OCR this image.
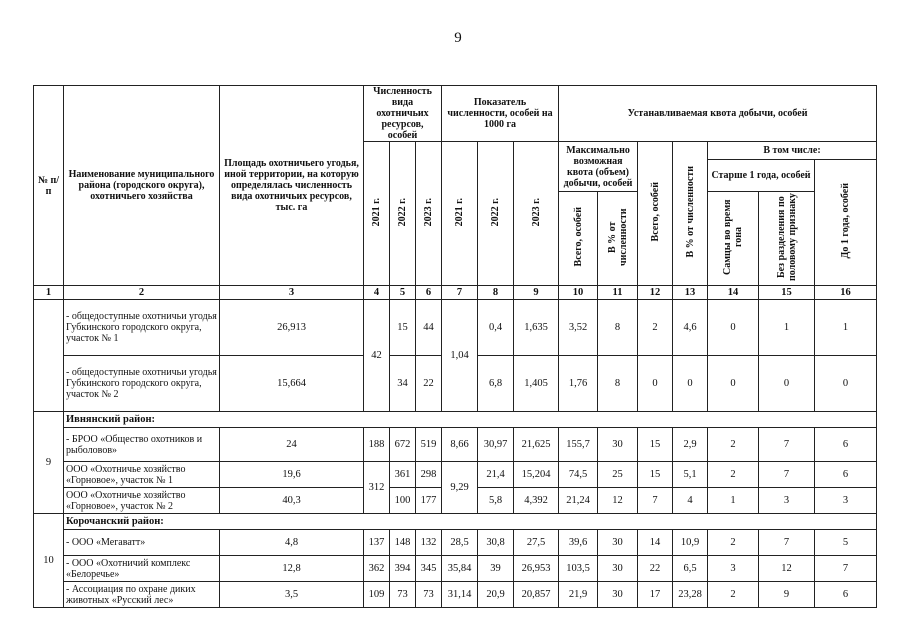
9
№ п/п	Наименование муниципального района (городского округа), охотничьего хозяйства	Площадь охотничьего угодья, иной территории, на которую определялась численность вида охотничьих ресурсов, тыс. га	Численность вида охотничьих ресурсов, особей			Показатель численности, особей на 1000 га			Устанавливаемая квота добычи, особей						
			2021 г.	2022 г.	2023 г.	2021 г.	2022 г.	2023 г.	Максимально возможная квота (объем) добычи, особей		Всего, особей	В % от численности	В том числе:		
													Старше 1 года, особей		До 1 года, особей
									Всего, особей	В % от численности			Самцы во время гона	Без разделения по половому признаку	
1	2	3	4	5	6	7	8	9	10	11	12	13	14	15	16
	- общедоступные охотничьи угодья Губкинского городского округа, участок № 1	26,913	42	15	44	1,04	0,4	1,635	3,52	8	2	4,6	0	1	1
	- общедоступные охотничьи угодья Губкинского городского округа, участок № 2	15,664		34	22		6,8	1,405	1,76	8	0	0	0	0	0
9	Ивнянский район:														
	- БРОО «Общество охотников и рыболовов»	24	188	672	519	8,66	30,97	21,625	155,7	30	15	2,9	2	7	6
	ООО «Охотничье хозяйство «Горновое», участок № 1	19,6	312	361	298	9,29	21,4	15,204	74,5	25	15	5,1	2	7	6
	ООО «Охотничье хозяйство «Горновое», участок № 2	40,3		100	177		5,8	4,392	21,24	12	7	4	1	3	3
10	Корочанский район:														
	- ООО «Мегаватт»	4,8	137	148	132	28,5	30,8	27,5	39,6	30	14	10,9	2	7	5
	- ООО «Охотничий комплекс «Белоречье»	12,8	362	394	345	35,84	39	26,953	103,5	30	22	6,5	3	12	7
	- Ассоциация по охране диких животных «Русский лес»	3,5	109	73	73	31,14	20,9	20,857	21,9	30	17	23,28	2	9	6
